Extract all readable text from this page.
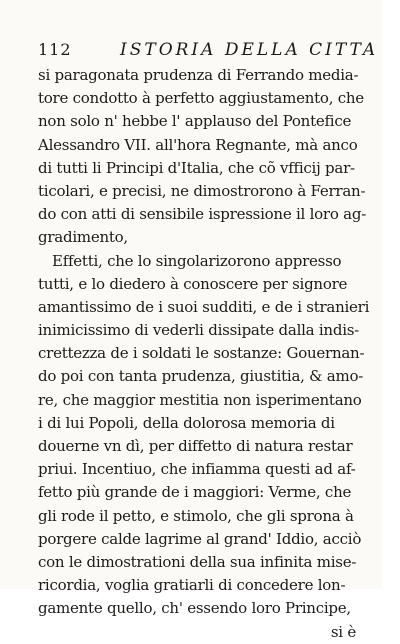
112	ISTORIA DELLA CITTA
si paragonata prudenza di Ferrando media-
tore condotto à perfetto aggiustamento, che
non solo n' hebbe l' applauso del Pontefice
Alessandro VII. all'hora Regnante, mà anco
di tutti li Principi d'Italia, che cõ vfficij par-
ticolari, e precisi, ne dimostrorono à Ferran-
do con atti di sensibile ispressione il loro ag-
gradimento,
Effetti, che lo singolarizorono appresso
tutti, e lo diedero à conoscere per signore
amantissimo de i suoi sudditi, e de i stranieri
inimicissimo di vederli dissipate dalla indis-
crettezza de i soldati le sostanze: Gouernan-
do poi con tanta prudenza, giustitia, & amo-
re, che maggior mestitia non isperimentano
i di lui Popoli, della dolorosa memoria di
douerne vn dì, per diffetto di natura restar
priui. Incentiuo, che infiamma questi ad af-
fetto più grande de i maggiori: Verme, che
gli rode il petto, e stimolo, che gli sprona à
porgere calde lagrime al grand' Iddio, acciò
con le dimostrationi della sua infinita mise-
ricordia, voglia gratiarli di concedere lon-
gamente quello, ch' essendo loro Principe,
si è
